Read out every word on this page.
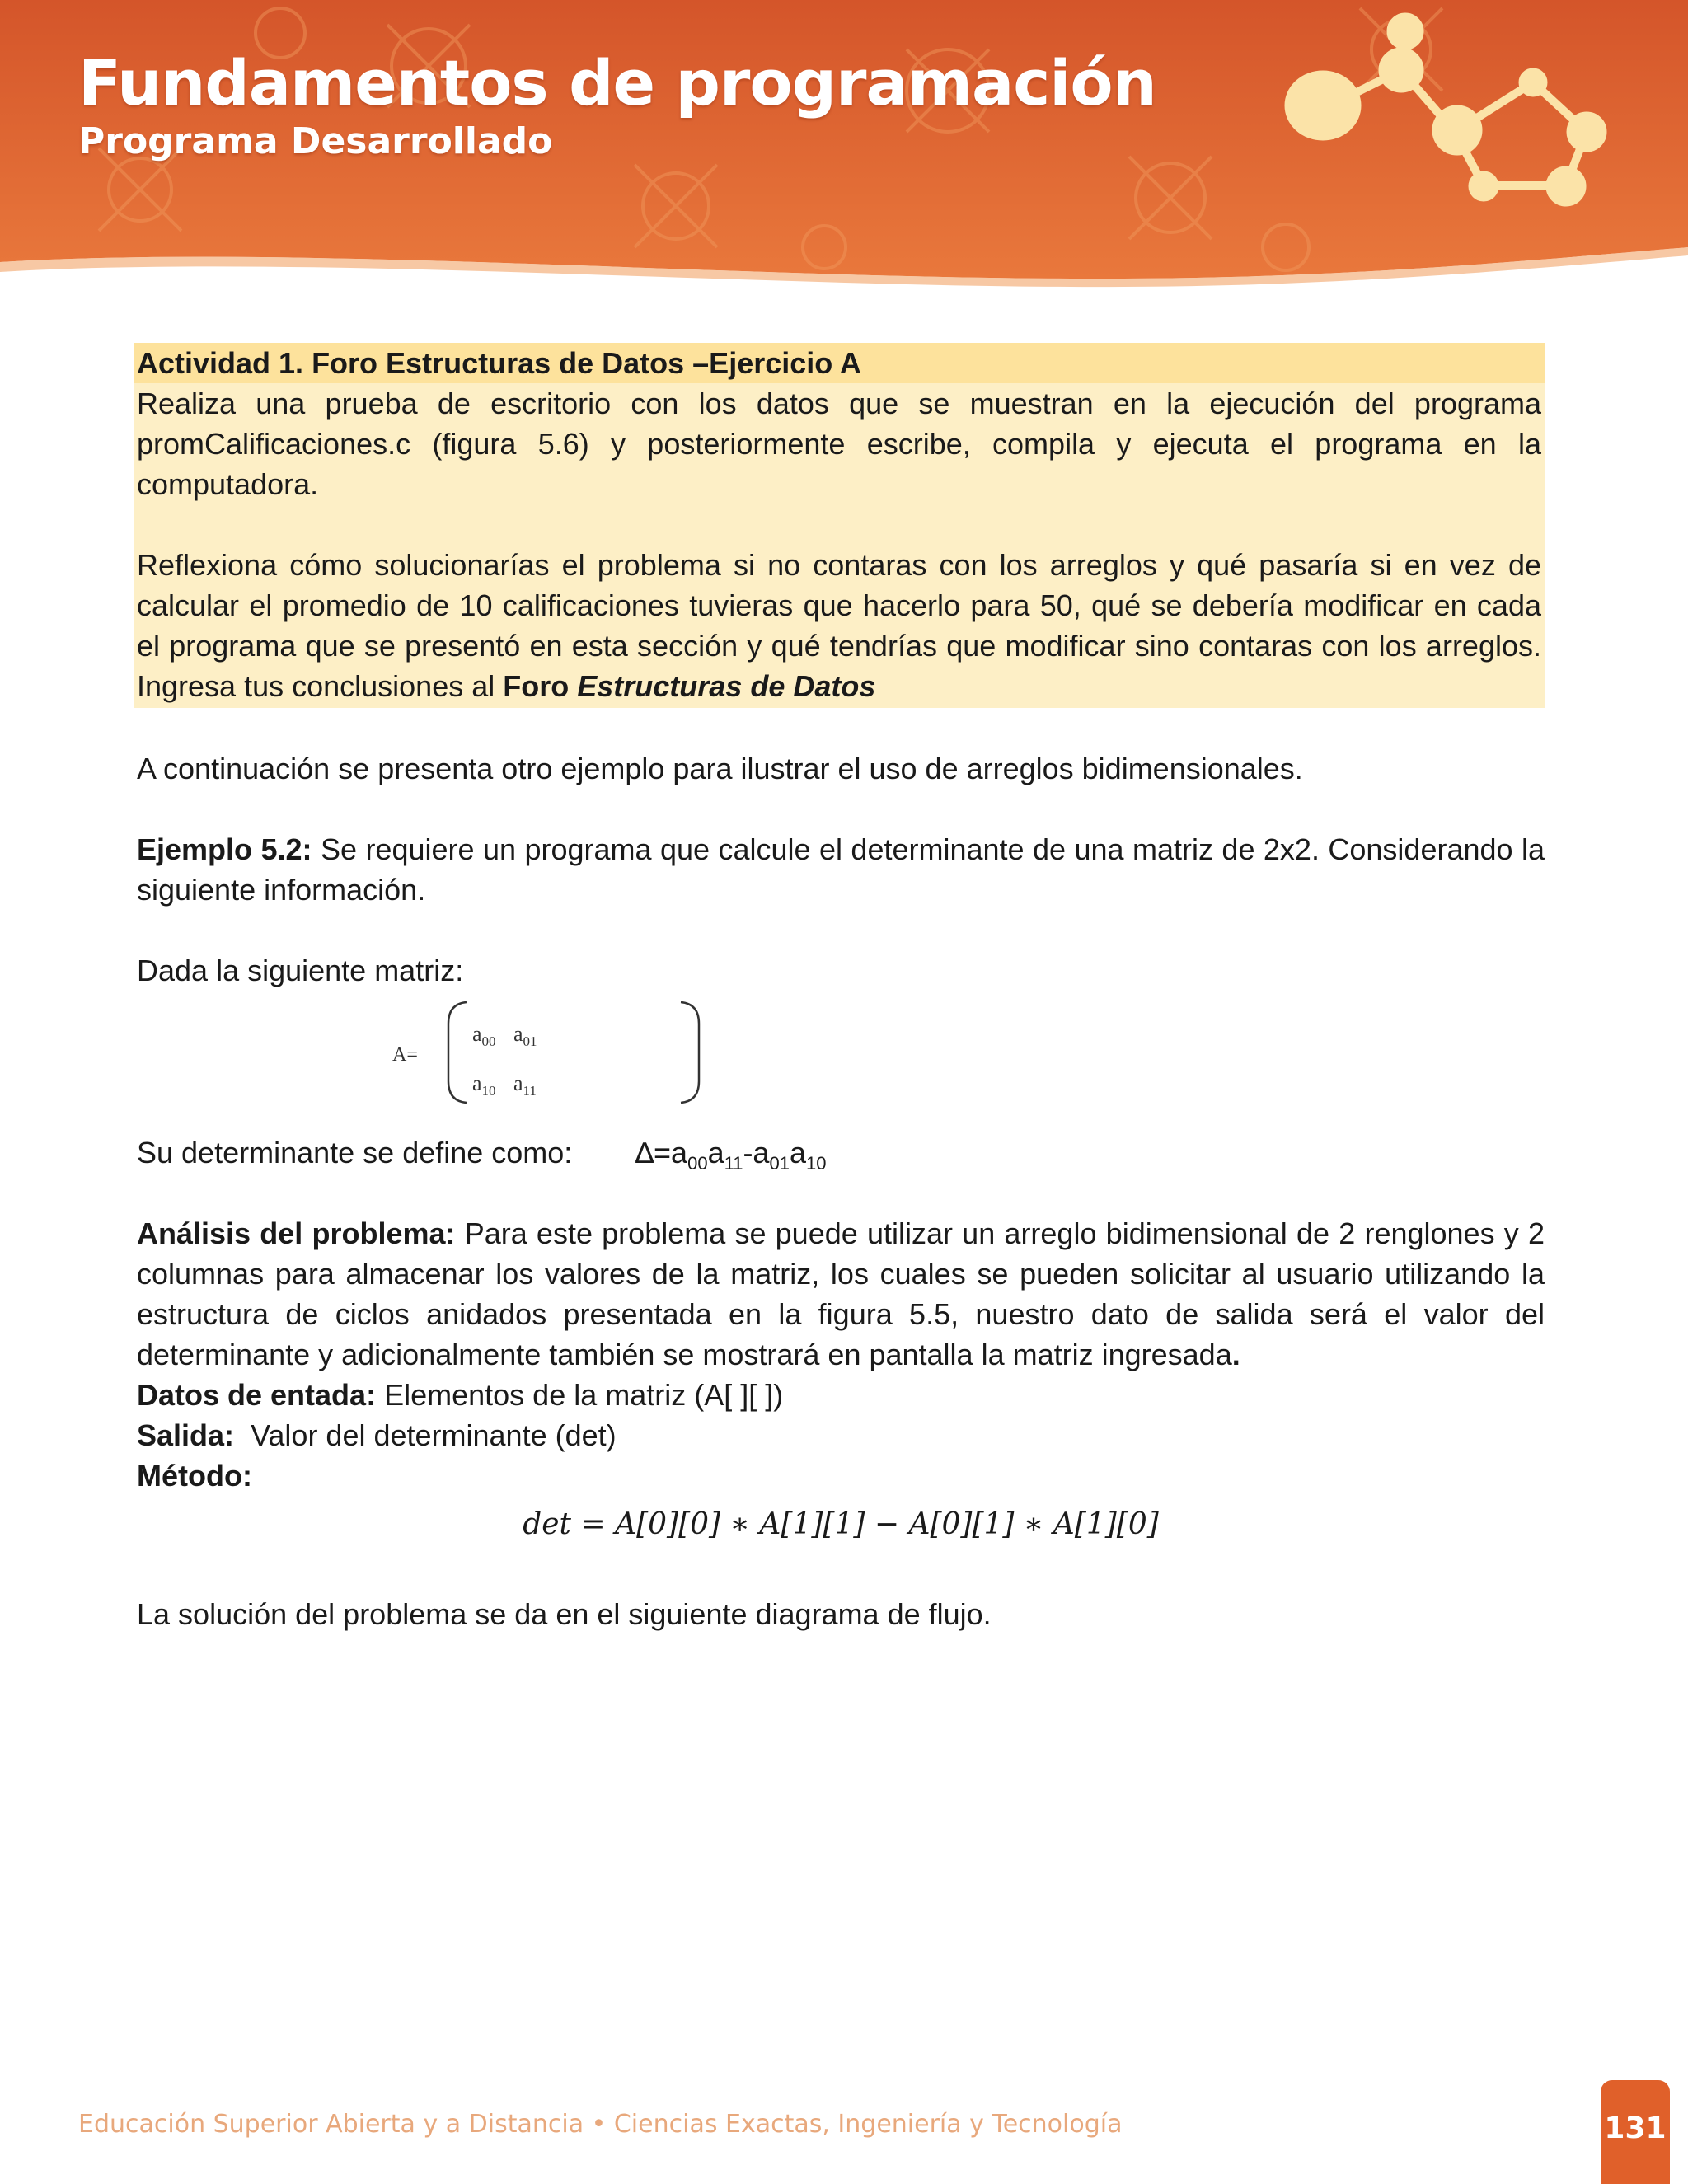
Fundamentos de programación
Programa Desarrollado
Actividad 1. Foro Estructuras de Datos –Ejercicio A

Realiza una prueba de escritorio con los datos que se muestran en la ejecución del programa promCalificaciones.c (figura 5.6) y posteriormente escribe, compila y ejecuta el programa en la computadora.

Reflexiona cómo solucionarías el problema si no contaras con los arreglos y qué pasaría si en vez de calcular el promedio de 10 calificaciones tuvieras que hacerlo para 50, qué se debería modificar en cada el programa que se presentó en esta sección y qué tendrías que modificar sino contaras con los arreglos. Ingresa tus conclusiones al Foro Estructuras de Datos

A continuación se presenta otro ejemplo para ilustrar el uso de arreglos bidimensionales.

Ejemplo 5.2: Se requiere un programa que calcule el determinante de una matriz de 2x2. Considerando la siguiente información.

Dada la siguiente matriz:

A=
$a_{00}$ $a_{01}$
$a_{10}$ $a_{11}$
Su determinante se define como: $\Delta=a_{00}a_{11}-a_{01}a_{10}$

Análisis del problema: Para este problema se puede utilizar un arreglo bidimensional de 2 renglones y 2 columnas para almacenar los valores de la matriz, los cuales se pueden solicitar al usuario utilizando la estructura de ciclos anidados presentada en la figura 5.5, nuestro dato de salida será el valor del determinante y adicionalmente también se mostrará en pantalla la matriz ingresada.

Datos de entada: Elementos de la matriz (A[ ][ ])

Salida: Valor del determinante (det)

Método:

det = A[0][0] ∗ A[1][1] − A[0][1] ∗ A[1][0]

La solución del problema se da en el siguiente diagrama de flujo.

Educación Superior Abierta y a Distancia • Ciencias Exactas, Ingeniería y Tecnología	131
